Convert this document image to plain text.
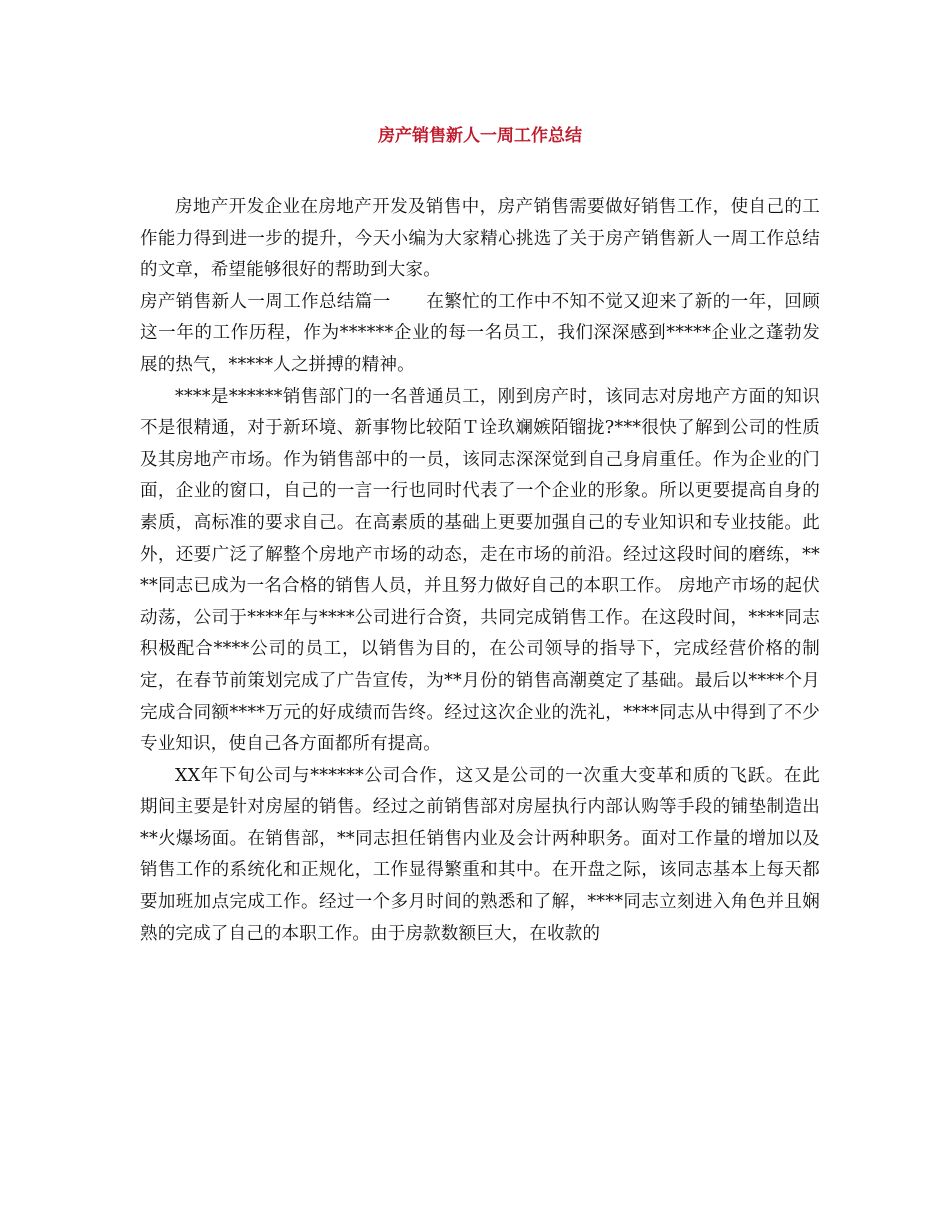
房产销售新人一周工作总结

房地产开发企业在房地产开发及销售中，房产销售需要做好销售工作，使自己的工作能力得到进一步的提升，今天小编为大家精心挑选了关于房产销售新人一周工作总结的文章，希望能够很好的帮助到大家。

房产销售新人一周工作总结篇一　　在繁忙的工作中不知不觉又迎来了新的一年，回顾这一年的工作历程，作为******企业的每一名员工，我们深深感到*****企业之蓬勃发展的热气，*****人之拼搏的精神。

****是******销售部门的一名普通员工，刚到房产时，该同志对房地产方面的知识不是很精通，对于新环境、新事物比较陌Ｔ诠玖斓嫉陌镏拢?***很快了解到公司的性质及其房地产市场。作为销售部中的一员，该同志深深觉到自己身肩重任。作为企业的门面，企业的窗口，自己的一言一行也同时代表了一个企业的形象。所以更要提高自身的素质，高标准的要求自己。在高素质的基础上更要加强自己的专业知识和专业技能。此外，还要广泛了解整个房地产市场的动态，走在市场的前沿。经过这段时间的磨练，****同志已成为一名合格的销售人员，并且努力做好自己的本职工作。 房地产市场的起伏动荡，公司于****年与****公司进行合资，共同完成销售工作。在这段时间，****同志积极配合****公司的员工，以销售为目的，在公司领导的指导下，完成经营价格的制定，在春节前策划完成了广告宣传，为**月份的销售高潮奠定了基础。最后以****个月完成合同额****万元的好成绩而告终。经过这次企业的洗礼，****同志从中得到了不少专业知识，使自己各方面都所有提高。

XX年下旬公司与******公司合作，这又是公司的一次重大变革和质的飞跃。在此期间主要是针对房屋的销售。经过之前销售部对房屋执行内部认购等手段的铺垫制造出**火爆场面。在销售部，**同志担任销售内业及会计两种职务。面对工作量的增加以及销售工作的系统化和正规化，工作显得繁重和其中。在开盘之际，该同志基本上每天都要加班加点完成工作。经过一个多月时间的熟悉和了解，****同志立刻进入角色并且娴熟的完成了自己的本职工作。由于房款数额巨大，在收款的
